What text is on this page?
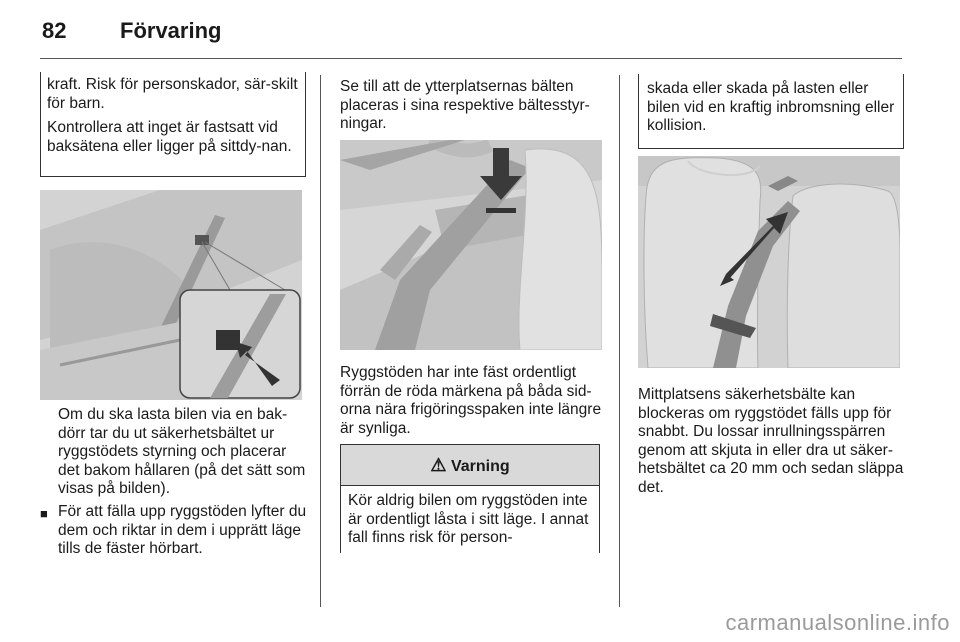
82 Förvaring

kraft. Risk för personskador, sär-skilt för barn.

Kontrollera att inget är fastsatt vid baksätena eller ligger på sittdy-nan.

Om du ska lasta bilen via en bak-dörr tar du ut säkerhetsbältet ur ryggstödets styrning och placerar det bakom hållaren (på det sätt som visas på bilden).
■ För att fälla upp ryggstöden lyfter du dem och riktar in dem i upprätt läge tills de fäster hörbart.
Se till att de ytterplatsernas bälten placeras i sina respektive bältesstyr-ningar.
Ryggstöden har inte fäst ordentligt förrän de röda märkena på båda sid-orna nära frigöringsspaken inte längre är synliga.
⚠ Varning
Kör aldrig bilen om ryggstöden inte är ordentligt låsta i sitt läge. I annat fall finns risk för person-
skada eller skada på lasten eller bilen vid en kraftig inbromsning eller kollision.
Mittplatsens säkerhetsbälte kan blockeras om ryggstödet fälls upp för snabbt. Du lossar inrullningsspärren genom att skjuta in eller dra ut säker-hetsbältet ca 20 mm och sedan släppa det.
carmanualsonline.info
